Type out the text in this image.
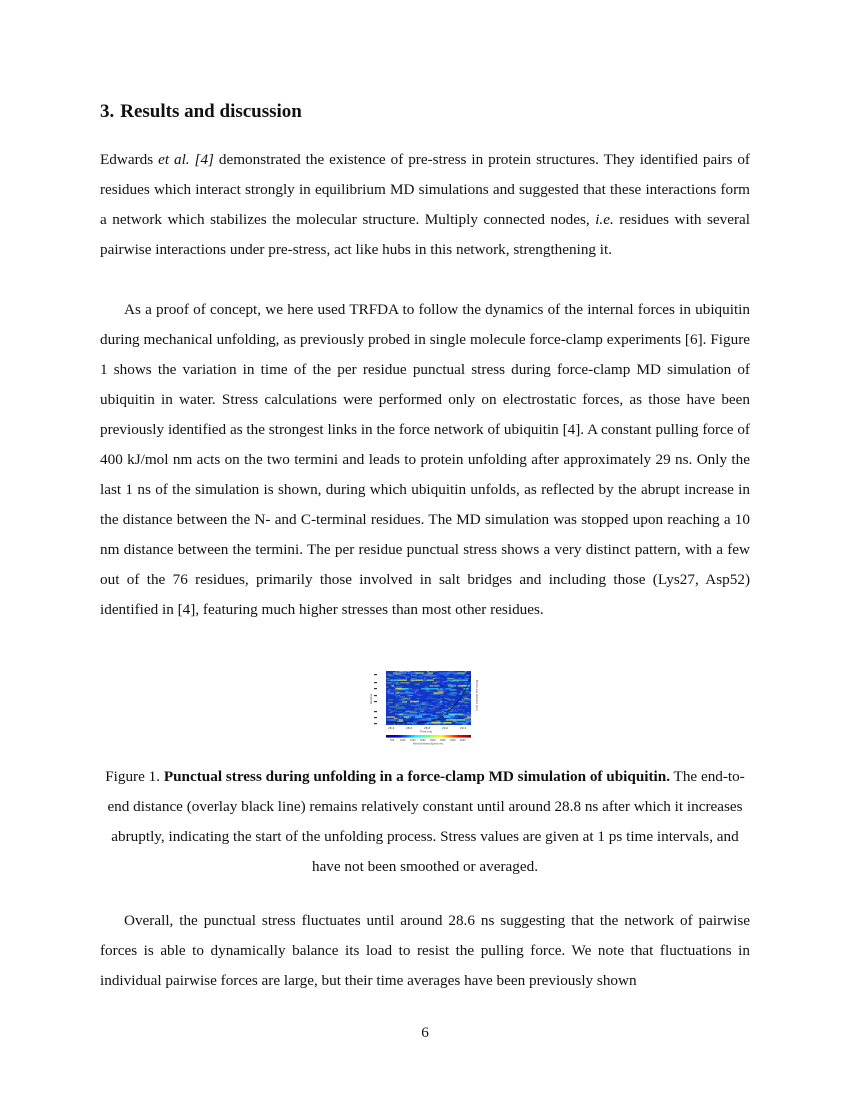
3. Results and discussion

Edwards et al. [4] demonstrated the existence of pre-stress in protein structures. They identified pairs of residues which interact strongly in equilibrium MD simulations and suggested that these interactions form a network which stabilizes the molecular structure. Multiply connected nodes, i.e. residues with several pairwise interactions under pre-stress, act like hubs in this network, strengthening it.

As a proof of concept, we here used TRFDA to follow the dynamics of the internal forces in ubiquitin during mechanical unfolding, as previously probed in single molecule force-clamp experiments [6]. Figure 1 shows the variation in time of the per residue punctual stress during force-clamp MD simulation of ubiquitin in water. Stress calculations were performed only on electrostatic forces, as those have been previously identified as the strongest links in the force network of ubiquitin [4]. A constant pulling force of 400 kJ/mol nm acts on the two termini and leads to protein unfolding after approximately 29 ns. Only the last 1 ns of the simulation is shown, during which ubiquitin unfolds, as reflected by the abrupt increase in the distance between the N- and C-terminal residues. The MD simulation was stopped upon reaching a 10 nm distance between the termini. The per residue punctual stress shows a very distinct pattern, with a few out of the 76 residues, primarily those involved in salt bridges and including those (Lys27, Asp52) identified in [4], featuring much higher stresses than most other residues.

Residue
28.4	28.6	28.8	29.0	29.2
Time (ns)
End-to-end distance (nm)
500	1000 1500 2000 2500 3000 3500 4000
Punctual stress (kJ/mol nm)

Figure 1. Punctual stress during unfolding in a force-clamp MD simulation of ubiquitin. The end-to-end distance (overlay black line) remains relatively constant until around 28.8 ns after which it increases abruptly, indicating the start of the unfolding process. Stress values are given at 1 ps time intervals, and have not been smoothed or averaged.

Overall, the punctual stress fluctuates until around 28.6 ns suggesting that the network of pairwise forces is able to dynamically balance its load to resist the pulling force. We note that fluctuations in individual pairwise forces are large, but their time averages have been previously shown

6
